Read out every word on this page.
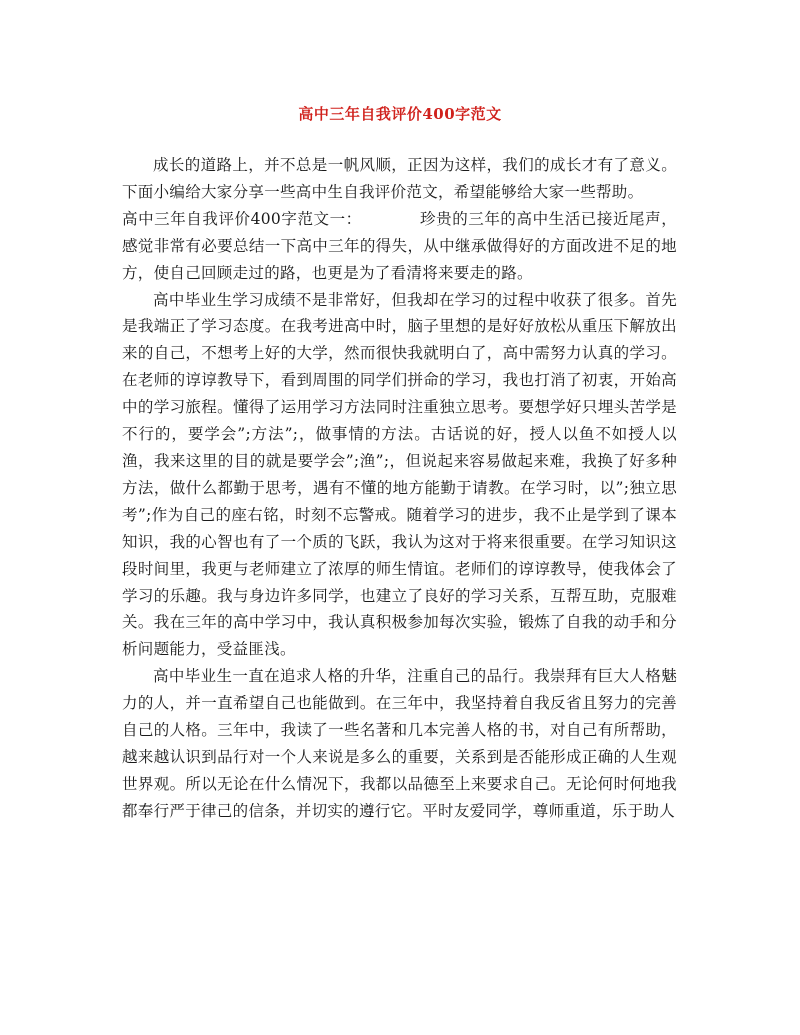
高中三年自我评价400字范文

成长的道路上，并不总是一帆风顺，正因为这样，我们的成长才有了意义。下面小编给大家分享一些高中生自我评价范文，希望能够给大家一些帮助。

高中三年自我评价400字范文一：	珍贵的三年的高中生活已接近尾声，感觉非常有必要总结一下高中三年的得失，从中继承做得好的方面改进不足的地方，使自己回顾走过的路，也更是为了看清将来要走的路。

高中毕业生学习成绩不是非常好，但我却在学习的过程中收获了很多。首先是我端正了学习态度。在我考进高中时，脑子里想的是好好放松从重压下解放出来的自己，不想考上好的大学，然而很快我就明白了，高中需努力认真的学习。在老师的谆谆教导下，看到周围的同学们拼命的学习，我也打消了初衷，开始高中的学习旅程。懂得了运用学习方法同时注重独立思考。要想学好只埋头苦学是不行的，要学会”;方法”;，做事情的方法。古话说的好，授人以鱼不如授人以渔，我来这里的目的就是要学会”;渔”;，但说起来容易做起来难，我换了好多种方法，做什么都勤于思考，遇有不懂的地方能勤于请教。在学习时，以”;独立思考”;作为自己的座右铭，时刻不忘警戒。随着学习的进步，我不止是学到了课本知识，我的心智也有了一个质的飞跃，我认为这对于将来很重要。在学习知识这段时间里，我更与老师建立了浓厚的师生情谊。老师们的谆谆教导，使我体会了学习的乐趣。我与身边许多同学，也建立了良好的学习关系，互帮互助，克服难关。我在三年的高中学习中，我认真积极参加每次实验，锻炼了自我的动手和分析问题能力，受益匪浅。

高中毕业生一直在追求人格的升华，注重自己的品行。我崇拜有巨大人格魅力的人，并一直希望自己也能做到。在三年中，我坚持着自我反省且努力的完善自己的人格。三年中，我读了一些名著和几本完善人格的书，对自己有所帮助，越来越认识到品行对一个人来说是多么的重要，关系到是否能形成正确的人生观世界观。所以无论在什么情况下，我都以品德至上来要求自己。无论何时何地我都奉行严于律己的信条，并切实的遵行它。平时友爱同学，尊师重道，乐于助人
